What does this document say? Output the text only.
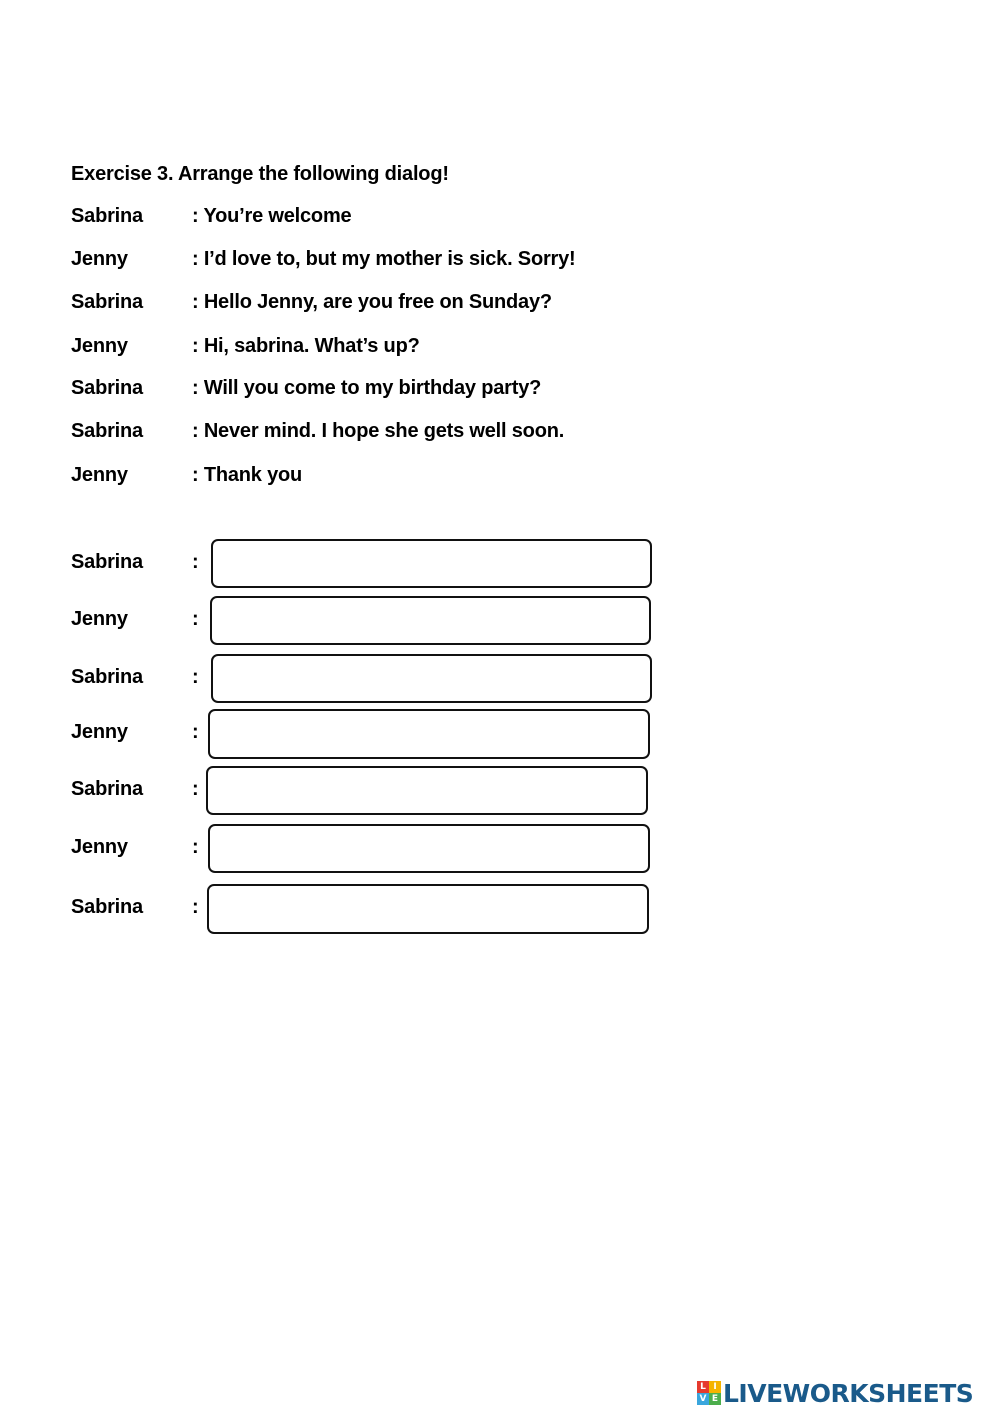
Exercise 3. Arrange the following dialog!
Sabrina : You’re welcome
Jenny	: I’d love to, but my mother is sick. Sorry!
Sabrina : Hello Jenny, are you free on Sunday?
Jenny	: Hi, sabrina. What’s up?
Sabrina : Will you come to my birthday party?
Sabrina : Never mind. I hope she gets well soon.
Jenny	: Thank you
Sabrina :
Jenny	:
Sabrina :
Jenny	:
Sabrina :
Jenny	:
Sabrina :
L I
V E LIVEWORKSHEETS
